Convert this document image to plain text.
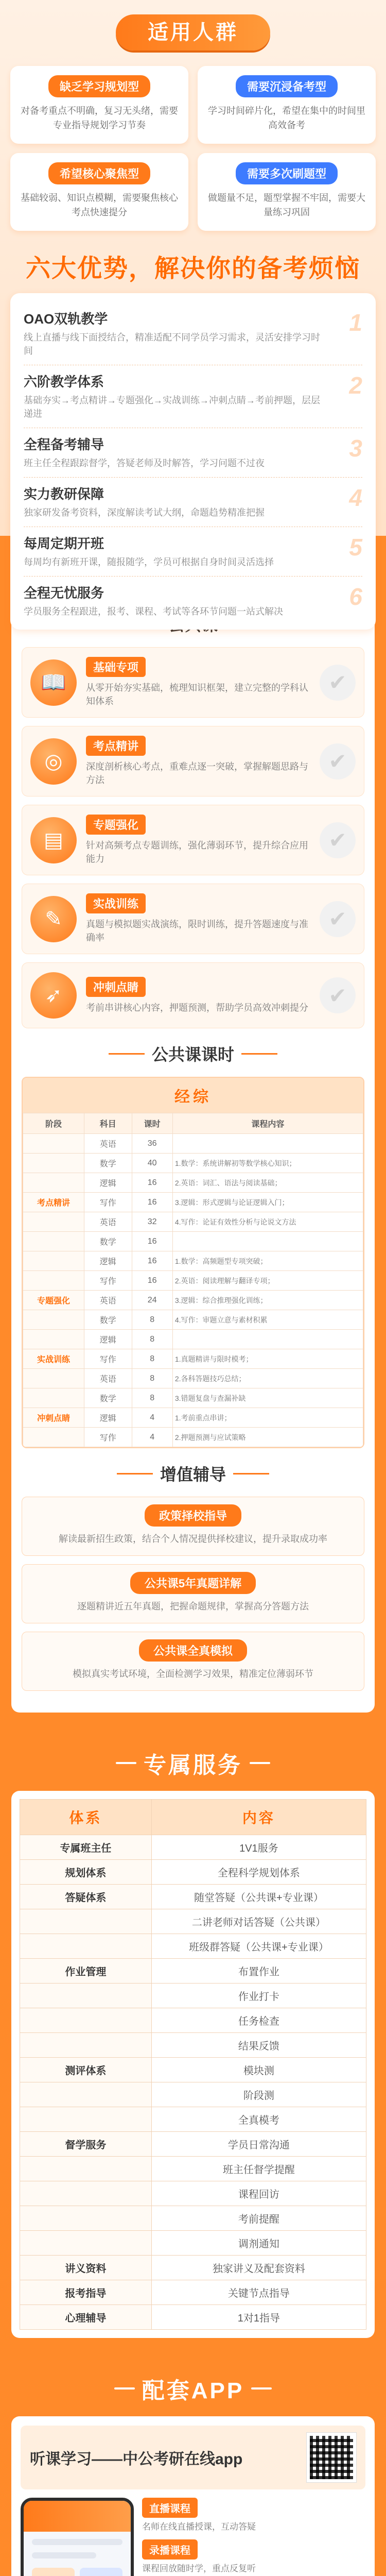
适用人群
缺乏学习规划型

对备考重点不明确，复习无头绪，需要专业指导规划学习节奏

需要沉浸备考型

学习时间碎片化，希望在集中的时间里高效备考

希望核心聚焦型

基础较弱、知识点模糊，需要聚焦核心考点快速提分

需要多次刷题型

做题量不足，题型掌握不牢固，需要大量练习巩固

六大优势，解决你的备考烦恼
OAO双轨教学

线上直播与线下面授结合，精准适配不同学员学习需求，灵活安排学习时间

1
六阶教学体系

基础夯实→考点精讲→专题强化→实战训练→冲刺点睛→考前押题，层层递进

2
全程备考辅导

班主任全程跟踪督学，答疑老师及时解答，学习问题不过夜

3
实力教研保障

独家研发备考资料，深度解读考试大纲，命题趋势精准把握

4
每周定期开班

每周均有新班开课，随报随学，学员可根据自身时间灵活选择

5
全程无忧服务

学员服务全程跟进，报考、课程、考试等各环节问题一站式解决

6
📖
基础专项
从零开始夯实基础，梳理知识框架，建立完整的学科认知体系
✔
◎
考点精讲
深度剖析核心考点，重难点逐一突破，掌握解题思路与方法
✔
▤
专题强化
针对高频考点专题训练，强化薄弱环节，提升综合应用能力
✔
✎
实战训练
真题与模拟题实战演练，限时训练，提升答题速度与准确率
✔
➶	冲刺点睛
考前串讲核心内容，押题预测，帮助学员高效冲刺提分 ✔
公共课课时
经综
阶段	科目	课时	课程内容
	英语	36	
	数学	40	1.数学：系统讲解初等数学核心知识；
	逻辑	16	2.英语：词汇、语法与阅读基础；
考点精讲	写作	16	3.逻辑：形式逻辑与论证逻辑入门；
	英语	32	4.写作：论证有效性分析与论说文方法
	数学	16	
	逻辑	16	1.数学：高频题型专项突破；
	写作	16	2.英语：阅读理解与翻译专项；
专题强化	英语	24	3.逻辑：综合推理强化训练；
	数学	8	4.写作：审题立意与素材积累
	逻辑	8	
实战训练	写作	8	1.真题精讲与限时模考；
	英语	8	2.各科答题技巧总结；
	数学	8	3.错题复盘与查漏补缺
冲刺点睛	逻辑	4	1.考前重点串讲；
	写作	4	2.押题预测与应试策略
增值辅导
政策择校指导

解读最新招生政策，结合个人情况提供择校建议，提升录取成功率

公共课5年真题详解

逐题精讲近五年真题，把握命题规律，掌握高分答题方法

公共课全真模拟

模拟真实考试环境，全面检测学习效果，精准定位薄弱环节

专属服务
体系	内容
专属班主任	1V1服务
规划体系	全程科学规划体系
答疑体系	随堂答疑（公共课+专业课）
	二讲老师对话答疑（公共课）
	班级群答疑（公共课+专业课）
作业管理	布置作业
	作业打卡
	任务检查
	结果反馈
测评体系	模块测
	阶段测
	全真模考
督学服务	学员日常沟通
	班主任督学提醒
	课程回访
	考前提醒
	调剂通知
讲义资料	独家讲义及配套资料
报考指导	关键节点指导
心理辅导	1对1指导
配套APP
听课学习——中公考研在线app
直播课程

名师在线直播授课，互动答疑

录播课程

课程回放随时学，重点反复听
